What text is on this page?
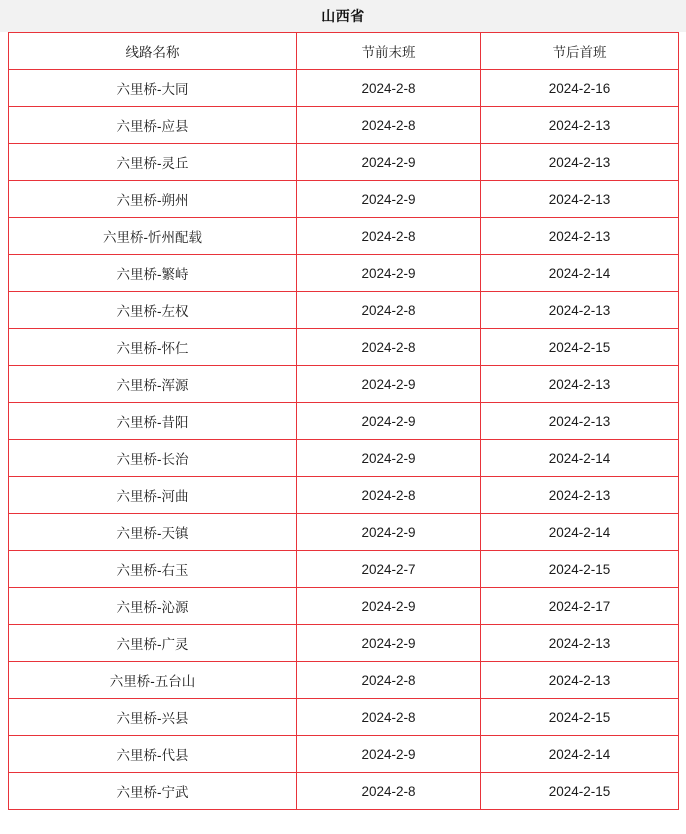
山西省
线路名称	节前末班	节后首班
六里桥-大同	2024-2-8	2024-2-16
六里桥-应县	2024-2-8	2024-2-13
六里桥-灵丘	2024-2-9	2024-2-13
六里桥-朔州	2024-2-9	2024-2-13
六里桥-忻州配载	2024-2-8	2024-2-13
六里桥-繁峙	2024-2-9	2024-2-14
六里桥-左权	2024-2-8	2024-2-13
六里桥-怀仁	2024-2-8	2024-2-15
六里桥-浑源	2024-2-9	2024-2-13
六里桥-昔阳	2024-2-9	2024-2-13
六里桥-长治	2024-2-9	2024-2-14
六里桥-河曲	2024-2-8	2024-2-13
六里桥-天镇	2024-2-9	2024-2-14
六里桥-右玉	2024-2-7	2024-2-15
六里桥-沁源	2024-2-9	2024-2-17
六里桥-广灵	2024-2-9	2024-2-13
六里桥-五台山	2024-2-8	2024-2-13
六里桥-兴县	2024-2-8	2024-2-15
六里桥-代县	2024-2-9	2024-2-14
六里桥-宁武	2024-2-8	2024-2-15
